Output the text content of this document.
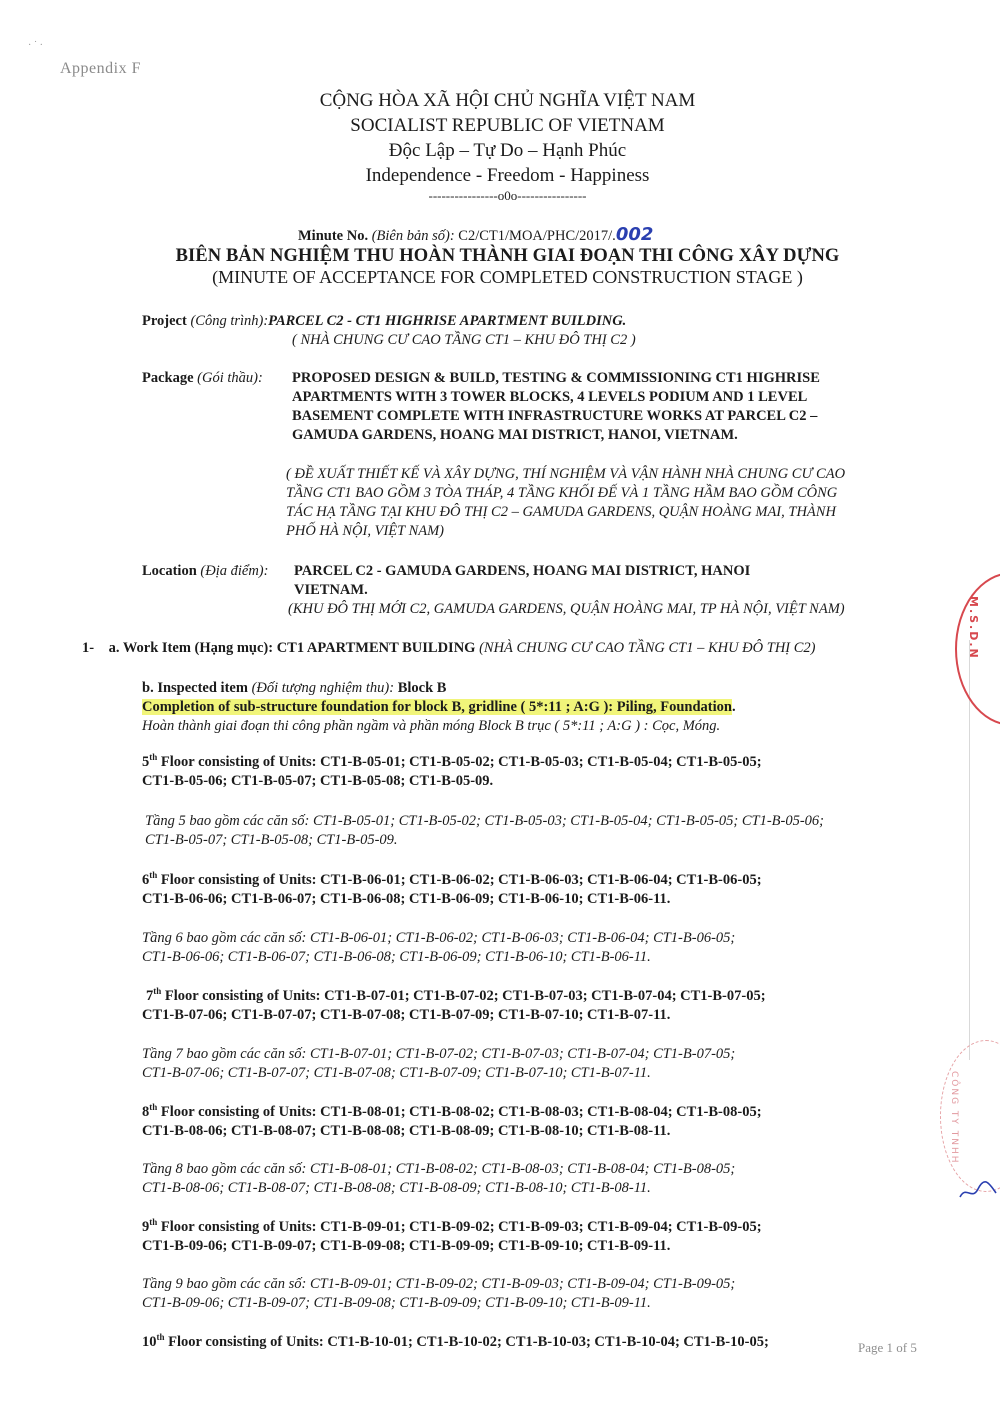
· ˙ ·
Appendix F
CỘNG HÒA XÃ HỘI CHỦ NGHĨA VIỆT NAM
SOCIALIST REPUBLIC OF VIETNAM
Độc Lập – Tự Do – Hạnh Phúc
Independence - Freedom - Happiness
----------------o0o----------------
Minute No. (Biên bản số): C2/CT1/MOA/PHC/2017/.002
BIÊN BẢN NGHIỆM THU HOÀN THÀNH GIAI ĐOẠN THI CÔNG XÂY DỰNG
(MINUTE OF ACCEPTANCE FOR COMPLETED CONSTRUCTION STAGE )
Project (Công trình):PARCEL C2 - CT1 HIGHRISE APARTMENT BUILDING.
( NHÀ CHUNG CƯ CAO TẦNG CT1 – KHU ĐÔ THỊ C2 )
Package (Gói thầu): PROPOSED DESIGN & BUILD, TESTING & COMMISSIONING CT1 HIGHRISE
APARTMENTS WITH 3 TOWER BLOCKS, 4 LEVELS PODIUM AND 1 LEVEL
BASEMENT COMPLETE WITH INFRASTRUCTURE WORKS AT PARCEL C2 –
GAMUDA GARDENS, HOANG MAI DISTRICT, HANOI, VIETNAM.
( ĐỀ XUẤT THIẾT KẾ VÀ XÂY DỰNG, THÍ NGHIỆM VÀ VẬN HÀNH NHÀ CHUNG CƯ CAO
TẦNG CT1 BAO GỒM 3 TÒA THÁP, 4 TẦNG KHỐI ĐẾ VÀ 1 TẦNG HẦM BAO GỒM CÔNG
TÁC HẠ TẦNG TẠI KHU ĐÔ THỊ C2 – GAMUDA GARDENS, QUẬN HOÀNG MAI, THÀNH
PHỐ HÀ NỘI, VIỆT NAM)
Location (Địa điểm): PARCEL C2 - GAMUDA GARDENS, HOANG MAI DISTRICT, HANOI
VIETNAM.
(KHU ĐÔ THỊ MỚI C2, GAMUDA GARDENS, QUẬN HOÀNG MAI, TP HÀ NỘI, VIỆT NAM)
1- a. Work Item (Hạng mục): CT1 APARTMENT BUILDING (NHÀ CHUNG CƯ CAO TẦNG CT1 – KHU ĐÔ THỊ C2)
b. Inspected item (Đối tượng nghiệm thu): Block B
Completion of sub-structure foundation for block B, gridline ( 5*:11 ; A:G ): Piling, Foundation.
Hoàn thành giai đoạn thi công phần ngầm và phần móng Block B trục ( 5*:11 ; A:G ) : Cọc, Móng.
5th Floor consisting of Units: CT1-B-05-01; CT1-B-05-02; CT1-B-05-03; CT1-B-05-04; CT1-B-05-05;
CT1-B-05-06; CT1-B-05-07; CT1-B-05-08; CT1-B-05-09.
Tầng 5 bao gồm các căn số: CT1-B-05-01; CT1-B-05-02; CT1-B-05-03; CT1-B-05-04; CT1-B-05-05; CT1-B-05-06;
CT1-B-05-07; CT1-B-05-08; CT1-B-05-09.
6th Floor consisting of Units: CT1-B-06-01; CT1-B-06-02; CT1-B-06-03; CT1-B-06-04; CT1-B-06-05;
CT1-B-06-06; CT1-B-06-07; CT1-B-06-08; CT1-B-06-09; CT1-B-06-10; CT1-B-06-11.
Tầng 6 bao gồm các căn số: CT1-B-06-01; CT1-B-06-02; CT1-B-06-03; CT1-B-06-04; CT1-B-06-05;
CT1-B-06-06; CT1-B-06-07; CT1-B-06-08; CT1-B-06-09; CT1-B-06-10; CT1-B-06-11.
7th Floor consisting of Units: CT1-B-07-01; CT1-B-07-02; CT1-B-07-03; CT1-B-07-04; CT1-B-07-05;
CT1-B-07-06; CT1-B-07-07; CT1-B-07-08; CT1-B-07-09; CT1-B-07-10; CT1-B-07-11.
Tầng 7 bao gồm các căn số: CT1-B-07-01; CT1-B-07-02; CT1-B-07-03; CT1-B-07-04; CT1-B-07-05;
CT1-B-07-06; CT1-B-07-07; CT1-B-07-08; CT1-B-07-09; CT1-B-07-10; CT1-B-07-11.
8th Floor consisting of Units: CT1-B-08-01; CT1-B-08-02; CT1-B-08-03; CT1-B-08-04; CT1-B-08-05;
CT1-B-08-06; CT1-B-08-07; CT1-B-08-08; CT1-B-08-09; CT1-B-08-10; CT1-B-08-11.
Tầng 8 bao gồm các căn số: CT1-B-08-01; CT1-B-08-02; CT1-B-08-03; CT1-B-08-04; CT1-B-08-05;
CT1-B-08-06; CT1-B-08-07; CT1-B-08-08; CT1-B-08-09; CT1-B-08-10; CT1-B-08-11.
9th Floor consisting of Units: CT1-B-09-01; CT1-B-09-02; CT1-B-09-03; CT1-B-09-04; CT1-B-09-05;
CT1-B-09-06; CT1-B-09-07; CT1-B-09-08; CT1-B-09-09; CT1-B-09-10; CT1-B-09-11.
Tầng 9 bao gồm các căn số: CT1-B-09-01; CT1-B-09-02; CT1-B-09-03; CT1-B-09-04; CT1-B-09-05;
CT1-B-09-06; CT1-B-09-07; CT1-B-09-08; CT1-B-09-09; CT1-B-09-10; CT1-B-09-11.
10th Floor consisting of Units: CT1-B-10-01; CT1-B-10-02; CT1-B-10-03; CT1-B-10-04; CT1-B-10-05;
M.S.D.N
CÔNG TY TNHH
Page 1 of 5
